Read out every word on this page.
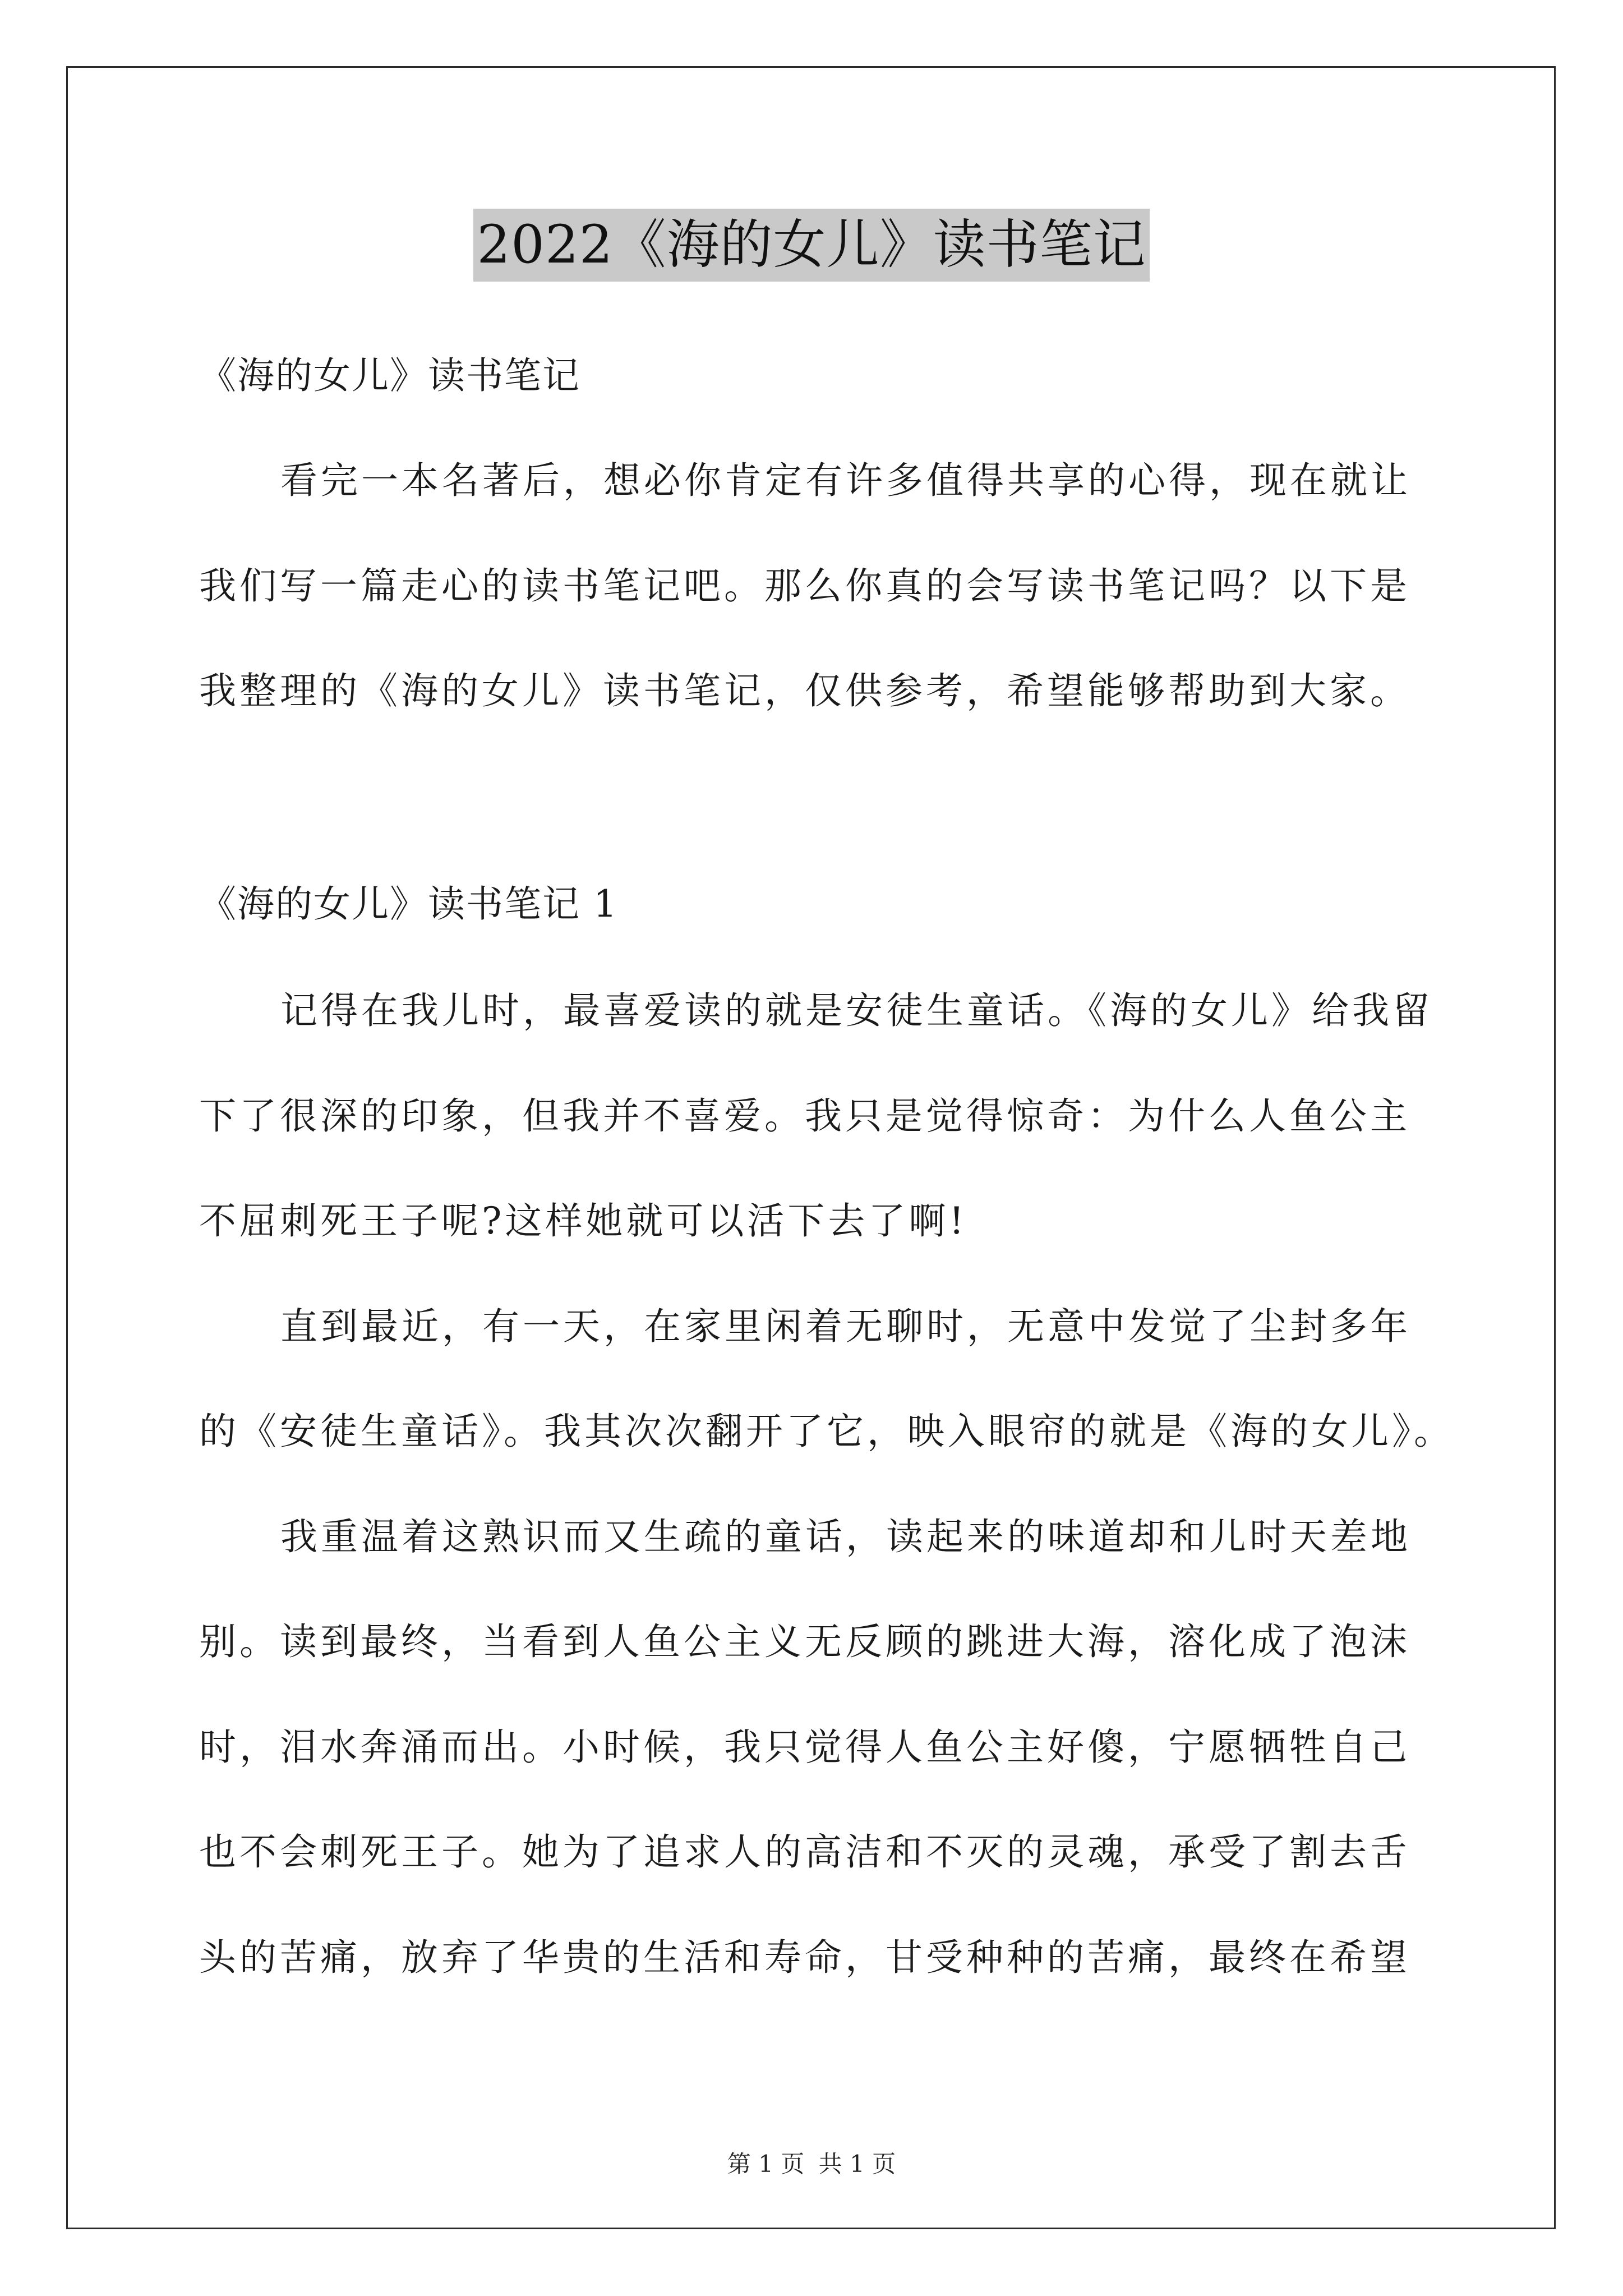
2022《海的女儿》读书笔记

《海的女儿》读书笔记

看完一本名著后，想必你肯定有许多值得共享的心得，现在就让

我们写一篇走心的读书笔记吧。那么你真的会写读书笔记吗？以下是

我整理的《海的女儿》读书笔记，仅供参考，希望能够帮助到大家。

《海的女儿》读书笔记 1

记得在我儿时，最喜爱读的就是安徒生童话。《海的女儿》给我留

下了很深的印象，但我并不喜爱。我只是觉得惊奇：为什么人鱼公主

不屈刺死王子呢?这样她就可以活下去了啊!

直到最近，有一天，在家里闲着无聊时，无意中发觉了尘封多年

的《安徒生童话》。我其次次翻开了它，映入眼帘的就是《海的女儿》。

我重温着这熟识而又生疏的童话，读起来的味道却和儿时天差地

别。读到最终，当看到人鱼公主义无反顾的跳进大海，溶化成了泡沫

时，泪水奔涌而出。小时候，我只觉得人鱼公主好傻，宁愿牺牲自己

也不会刺死王子。她为了追求人的高洁和不灭的灵魂，承受了割去舌

头的苦痛，放弃了华贵的生活和寿命，甘受种种的苦痛，最终在希望

第 1 页 共 1 页
